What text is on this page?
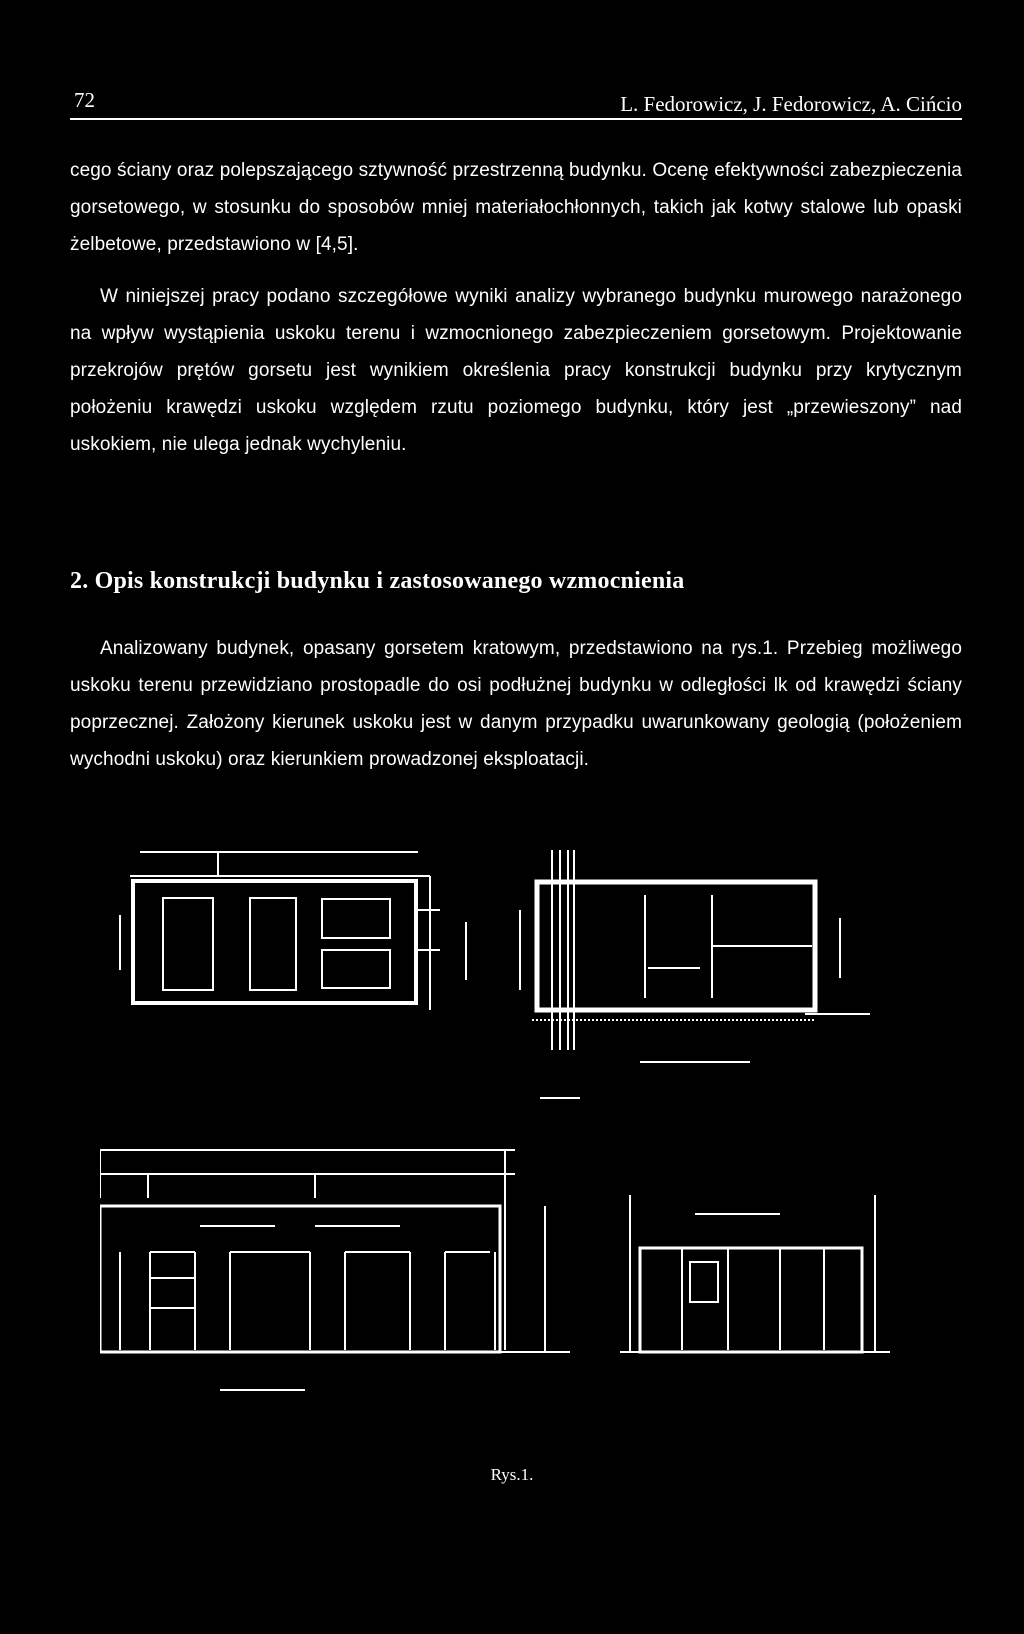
72	L. Fedorowicz, J. Fedorowicz, A. Cińcio

cego ściany oraz polepszającego sztywność przestrzenną budynku. Ocenę efektywności zabezpieczenia gorsetowego, w stosunku do sposobów mniej materiałochłonnych, takich jak kotwy stalowe lub opaski żelbetowe, przedstawiono w [4,5].

W niniejszej pracy podano szczegółowe wyniki analizy wybranego budynku murowego narażonego na wpływ wystąpienia uskoku terenu i wzmocnionego zabezpieczeniem gorsetowym. Projektowanie przekrojów prętów gorsetu jest wynikiem określenia pracy konstrukcji budynku przy krytycznym położeniu krawędzi uskoku względem rzutu poziomego budynku, który jest „przewieszony” nad uskokiem, nie ulega jednak wychyleniu.

2. Opis konstrukcji budynku i zastosowanego wzmocnienia

Analizowany budynek, opasany gorsetem kratowym, przedstawiono na rys.1. Przebieg możliwego uskoku terenu przewidziano prostopadle do osi podłużnej budynku w odległości lk od krawędzi ściany poprzecznej. Założony kierunek uskoku jest w danym przypadku uwarunkowany geologią (położeniem wychodni uskoku) oraz kierunkiem prowadzonej eksploatacji.

Rys.1.
